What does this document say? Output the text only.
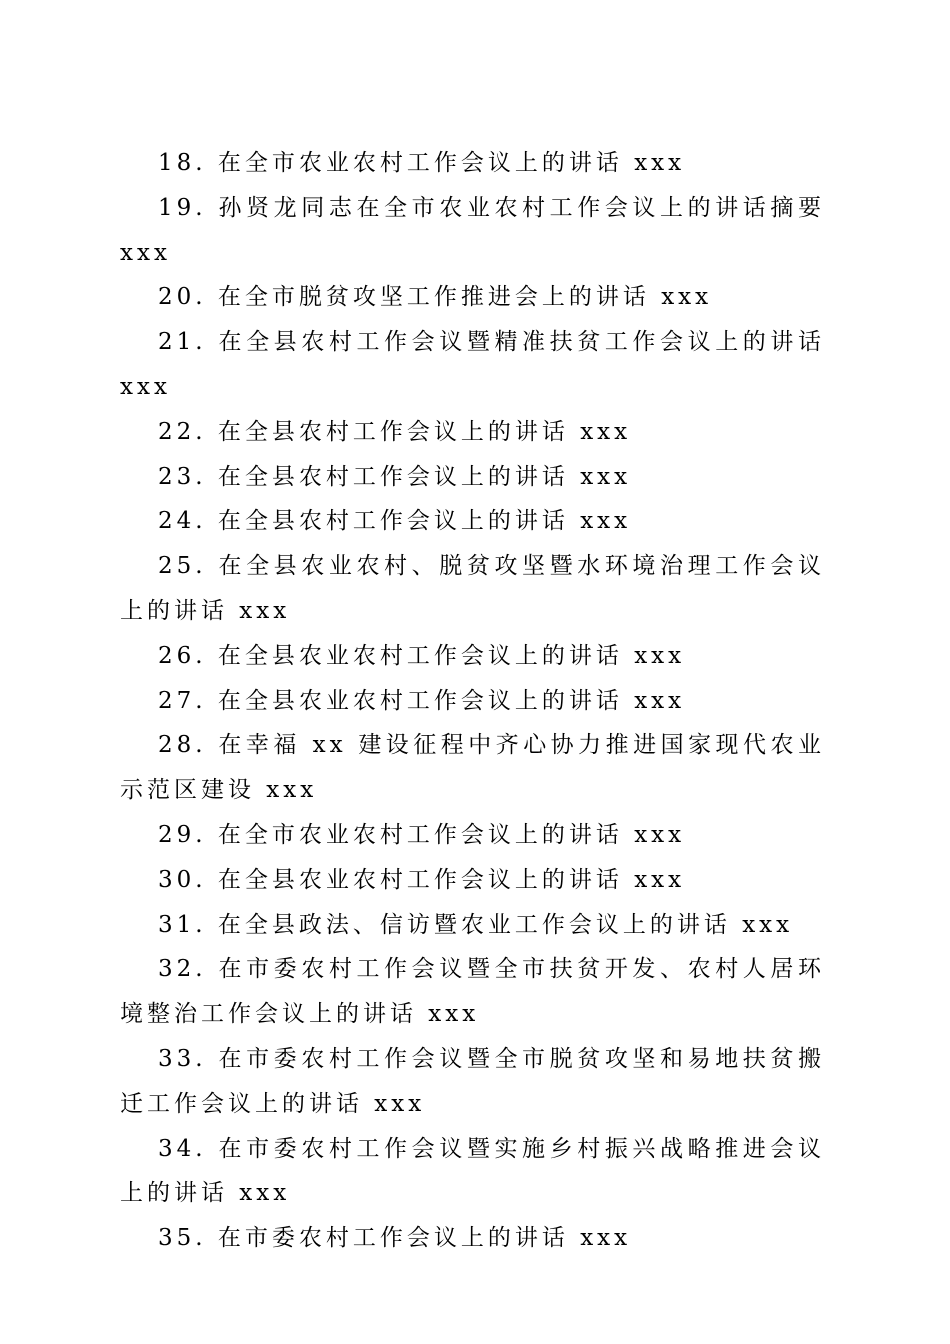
18. 在全市农业农村工作会议上的讲话 xxx
19. 孙贤龙同志在全市农业农村工作会议上的讲话摘要 xxx
20. 在全市脱贫攻坚工作推进会上的讲话 xxx
21. 在全县农村工作会议暨精准扶贫工作会议上的讲话 xxx
22. 在全县农村工作会议上的讲话 xxx
23. 在全县农村工作会议上的讲话 xxx
24. 在全县农村工作会议上的讲话 xxx
25. 在全县农业农村、脱贫攻坚暨水环境治理工作会议上的讲话 xxx
26. 在全县农业农村工作会议上的讲话 xxx
27. 在全县农业农村工作会议上的讲话 xxx
28. 在幸福 xx 建设征程中齐心协力推进国家现代农业示范区建设 xxx
29. 在全市农业农村工作会议上的讲话 xxx
30. 在全县农业农村工作会议上的讲话 xxx
31. 在全县政法、信访暨农业工作会议上的讲话 xxx
32. 在市委农村工作会议暨全市扶贫开发、农村人居环境整治工作会议上的讲话 xxx
33. 在市委农村工作会议暨全市脱贫攻坚和易地扶贫搬迁工作会议上的讲话 xxx
34. 在市委农村工作会议暨实施乡村振兴战略推进会议上的讲话 xxx
35. 在市委农村工作会议上的讲话 xxx
